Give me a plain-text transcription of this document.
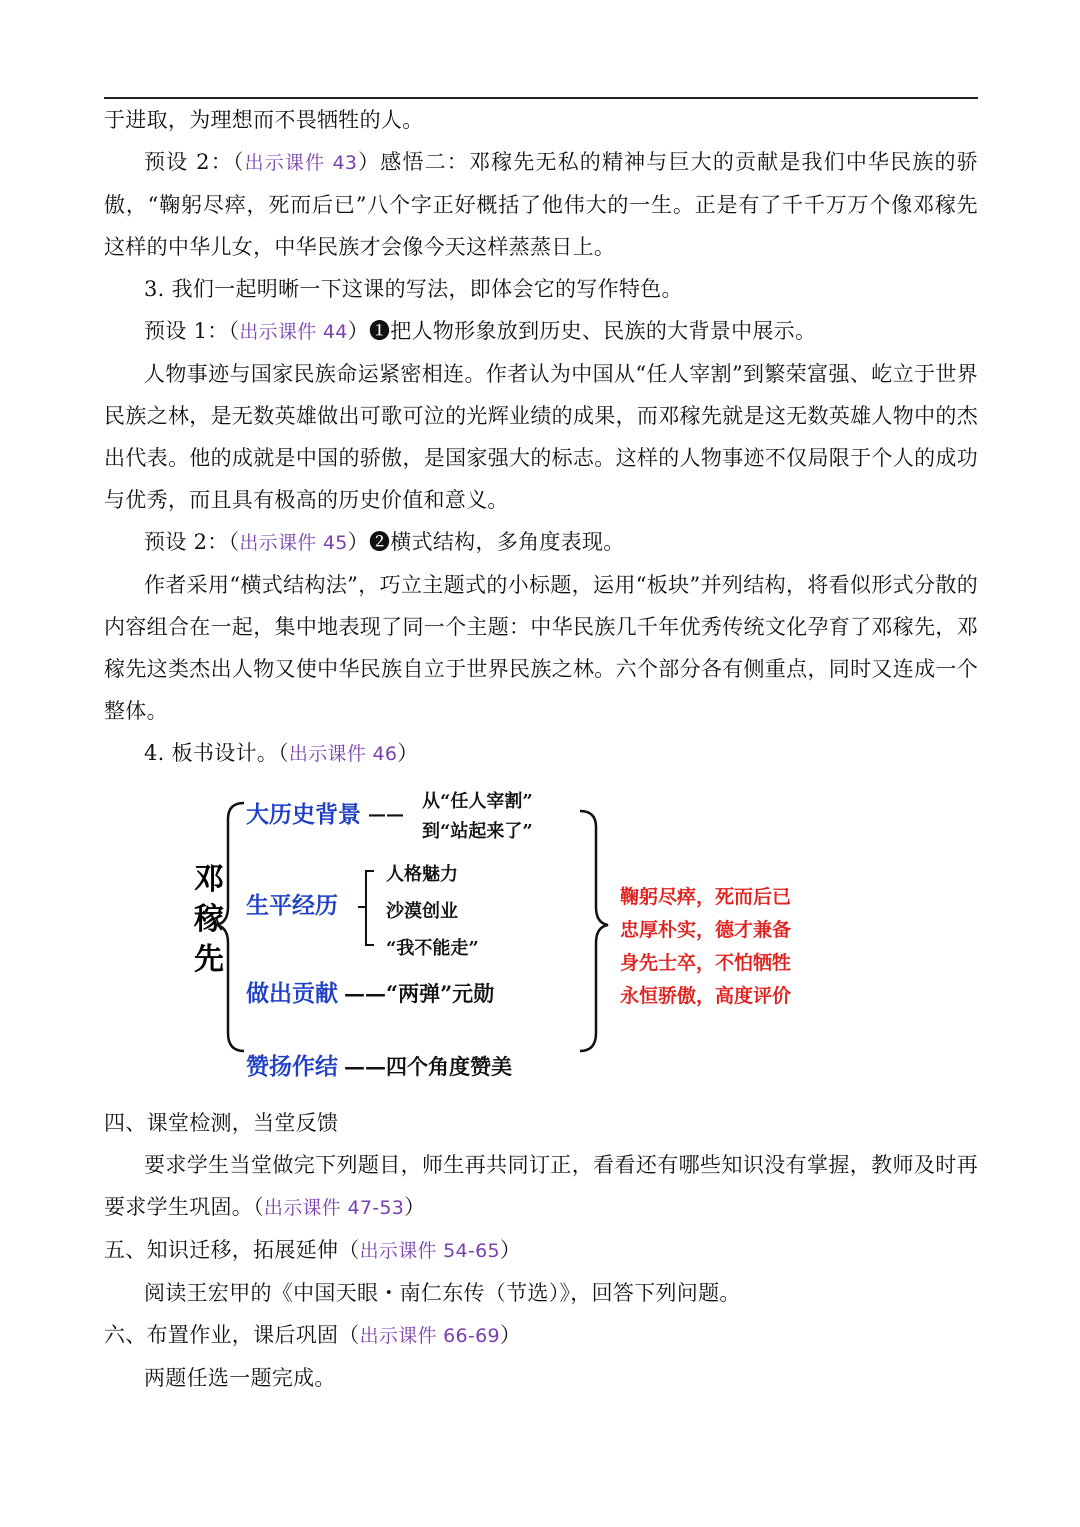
于进取，为理想而不畏牺牲的人。

预设 2：（出示课件 43）感悟二：邓稼先无私的精神与巨大的贡献是我们中华民族的骄傲，“鞠躬尽瘁，死而后已”八个字正好概括了他伟大的一生。正是有了千千万万个像邓稼先这样的中华儿女，中华民族才会像今天这样蒸蒸日上。

3. 我们一起明晰一下这课的写法，即体会它的写作特色。

预设 1：（出示课件 44）❶把人物形象放到历史、民族的大背景中展示。

人物事迹与国家民族命运紧密相连。作者认为中国从“任人宰割”到繁荣富强、屹立于世界民族之林，是无数英雄做出可歌可泣的光辉业绩的成果，而邓稼先就是这无数英雄人物中的杰出代表。他的成就是中国的骄傲，是国家强大的标志。这样的人物事迹不仅局限于个人的成功与优秀，而且具有极高的历史价值和意义。

预设 2：（出示课件 45）❷横式结构，多角度表现。

作者采用“横式结构法”，巧立主题式的小标题，运用“板块”并列结构，将看似形式分散的内容组合在一起，集中地表现了同一个主题：中华民族几千年优秀传统文化孕育了邓稼先，邓稼先这类杰出人物又使中华民族自立于世界民族之林。六个部分各有侧重点，同时又连成一个整体。

4. 板书设计。（出示课件 46）

邓
稼
先
大历史背景 ——
从“任人宰割”
到“站起来了”
生平经历
人格魅力
沙漠创业
“我不能走”
做出贡献 ——“两弹”元勋
赞扬作结 ——四个角度赞美
鞠躬尽瘁，死而后已
忠厚朴实，德才兼备
身先士卒，不怕牺牲
永恒骄傲，高度评价

四、课堂检测，当堂反馈

要求学生当堂做完下列题目，师生再共同订正，看看还有哪些知识没有掌握，教师及时再要求学生巩固。（出示课件 47-53）

五、知识迁移，拓展延伸（出示课件 54-65）

阅读王宏甲的《中国天眼・南仁东传（节选）》，回答下列问题。

六、布置作业，课后巩固（出示课件 66-69）

两题任选一题完成。
